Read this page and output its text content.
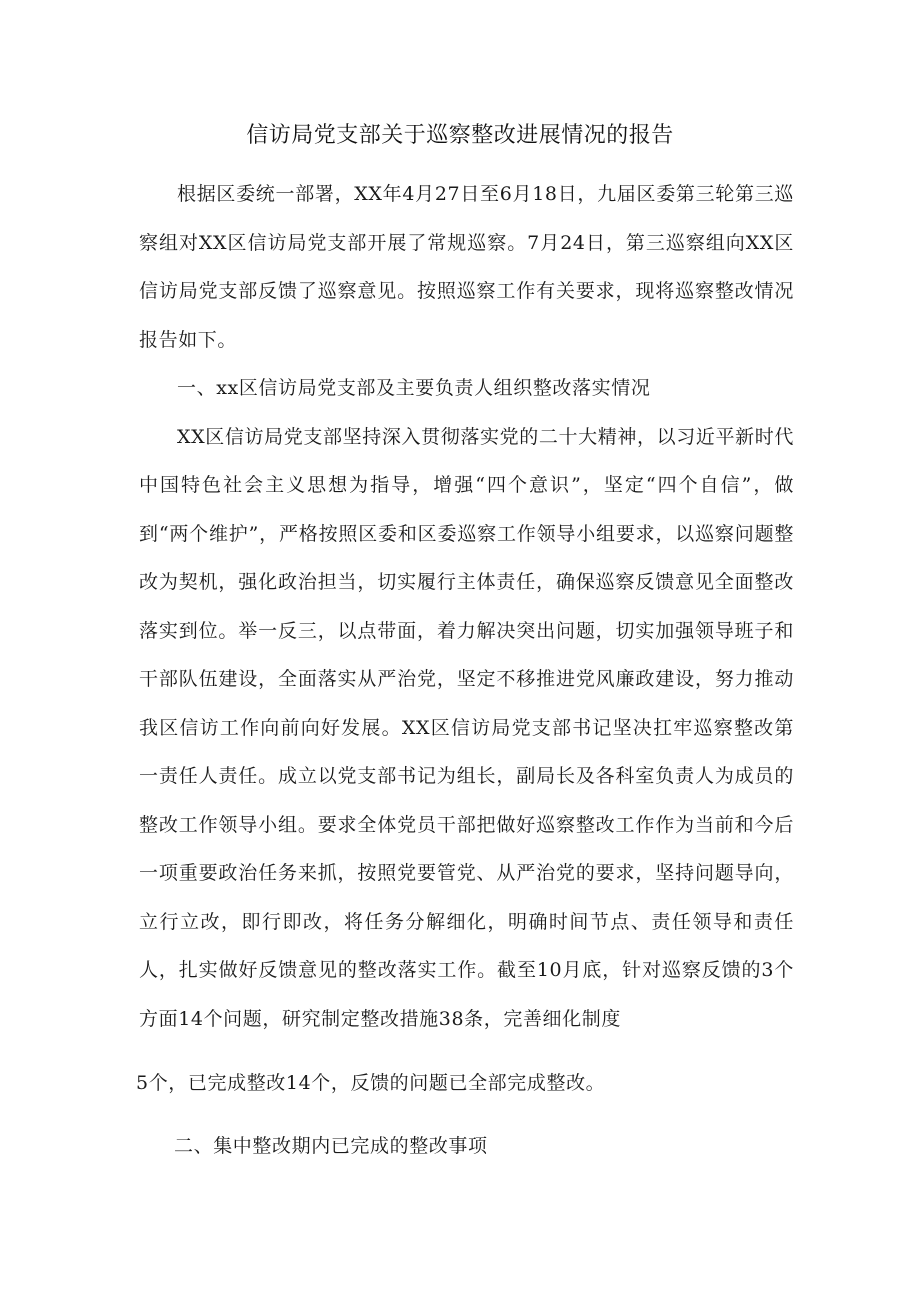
信访局党支部关于巡察整改进展情况的报告

根据区委统一部署，XX年4月27日至6月18日，九届区委第三轮第三巡察组对XX区信访局党支部开展了常规巡察。7月24日，第三巡察组向XX区信访局党支部反馈了巡察意见。按照巡察工作有关要求，现将巡察整改情况报告如下。

一、xx区信访局党支部及主要负责人组织整改落实情况

XX区信访局党支部坚持深入贯彻落实党的二十大精神，以习近平新时代中国特色社会主义思想为指导，增强“四个意识”，坚定“四个自信”，做到“两个维护”，严格按照区委和区委巡察工作领导小组要求，以巡察问题整改为契机，强化政治担当，切实履行主体责任，确保巡察反馈意见全面整改落实到位。举一反三，以点带面，着力解决突出问题，切实加强领导班子和干部队伍建设，全面落实从严治党，坚定不移推进党风廉政建设，努力推动我区信访工作向前向好发展。XX区信访局党支部书记坚决扛牢巡察整改第一责任人责任。成立以党支部书记为组长，副局长及各科室负责人为成员的整改工作领导小组。要求全体党员干部把做好巡察整改工作作为当前和今后一项重要政治任务来抓，按照党要管党、从严治党的要求，坚持问题导向，立行立改，即行即改，将任务分解细化，明确时间节点、责任领导和责任人，扎实做好反馈意见的整改落实工作。截至10月底，针对巡察反馈的3个方面14个问题，研究制定整改措施38条，完善细化制度

5个，已完成整改14个，反馈的问题已全部完成整改。

二、集中整改期内已完成的整改事项
